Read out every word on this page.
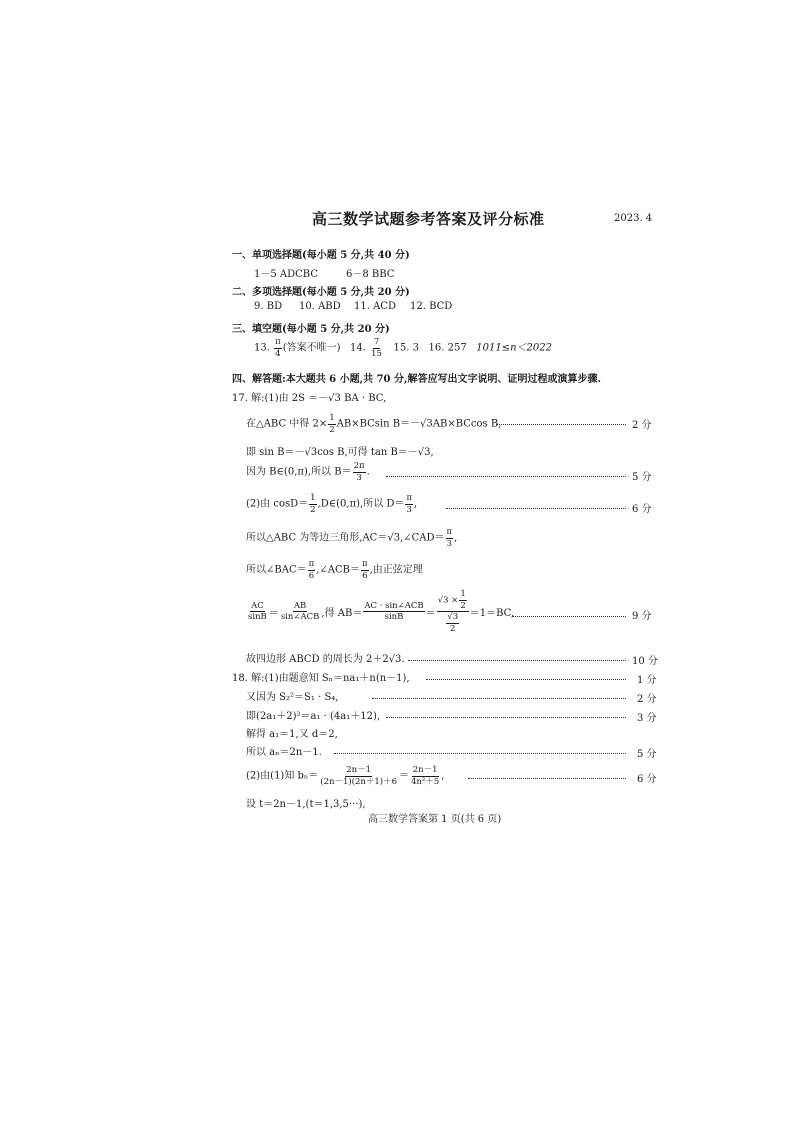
高三数学试题参考答案及评分标准	2023. 4
一、单项选择题(每小题 5 分,共 40 分)
1－5 ADCBC	6－8 BBC
二、多项选择题(每小题 5 分,共 20 分)
9. BD 10. ABD 11. ACD 12. BCD
三、填空题(每小题 5 分,共 20 分)
13. $\frac{\pi}{4}$ (答案不唯一) 14. $\frac{7}{15} 15$. 3 16. 257 1011≤n＜2022
四、解答题:本大题共 6 小题,共 70 分,解答应写出文字说明、证明过程或演算步骤.
17. 解:(1)由 2S ＝－√3 BA · BC,
在△ABC 中得 $2\times \frac{1}{2} AB\times BCsin$ B＝－√3AB×BCcos B,	2 分
即 sin B＝－√3cos B,可得 tan B＝－√3,
因为 B∈(0,π),所以 $B= \frac{2\pi}{3}$ .	5 分
(2)由 $\cos D= \frac{1}{2}$ ,D∈(0,π),所以 $D= \frac{\pi}{3}$ ,	6 分
所以△ABC 为等边三角形,AC＝√3,∠CAD＝ $\frac{\pi}{3}$ ,
所以∠BAC＝ $\frac{\pi}{6}$ ,∠ACB＝ $\frac{\pi}{6}$ ,由正弦定理
$\frac{AC}{\sin B} = \frac{AB}{\text{sin∠ACB}}$ ,得 $AB= \frac{\text{AC · sin∠ACB}}{\sin B} = \frac{√3 \times \frac{1}{2}}{\frac{√3}{2}} =1=BC$,	9 分
故四边形 ABCD 的周长为 2＋2√3.	10 分
18. 解:(1)由题意知 Sₙ＝na₁＋n(n－1),	1 分
又因为 S₂²＝S₁ · S₄,	2 分
即(2a₁＋2)²＝a₁ · (4a₁＋12),	3 分
解得 a₁＝1,又 d＝2,
所以 aₙ＝2n－1.	5 分
(2)由(1)知 $b_n= \frac{2n-1}{(2n-1)(2n+1)+6} = \frac{2n-1}{\text{4n²＋5}}$ ,	6 分
设 t＝2n－1,(t＝1,3,5···),
高三数学答案第 1 页(共 6 页)
